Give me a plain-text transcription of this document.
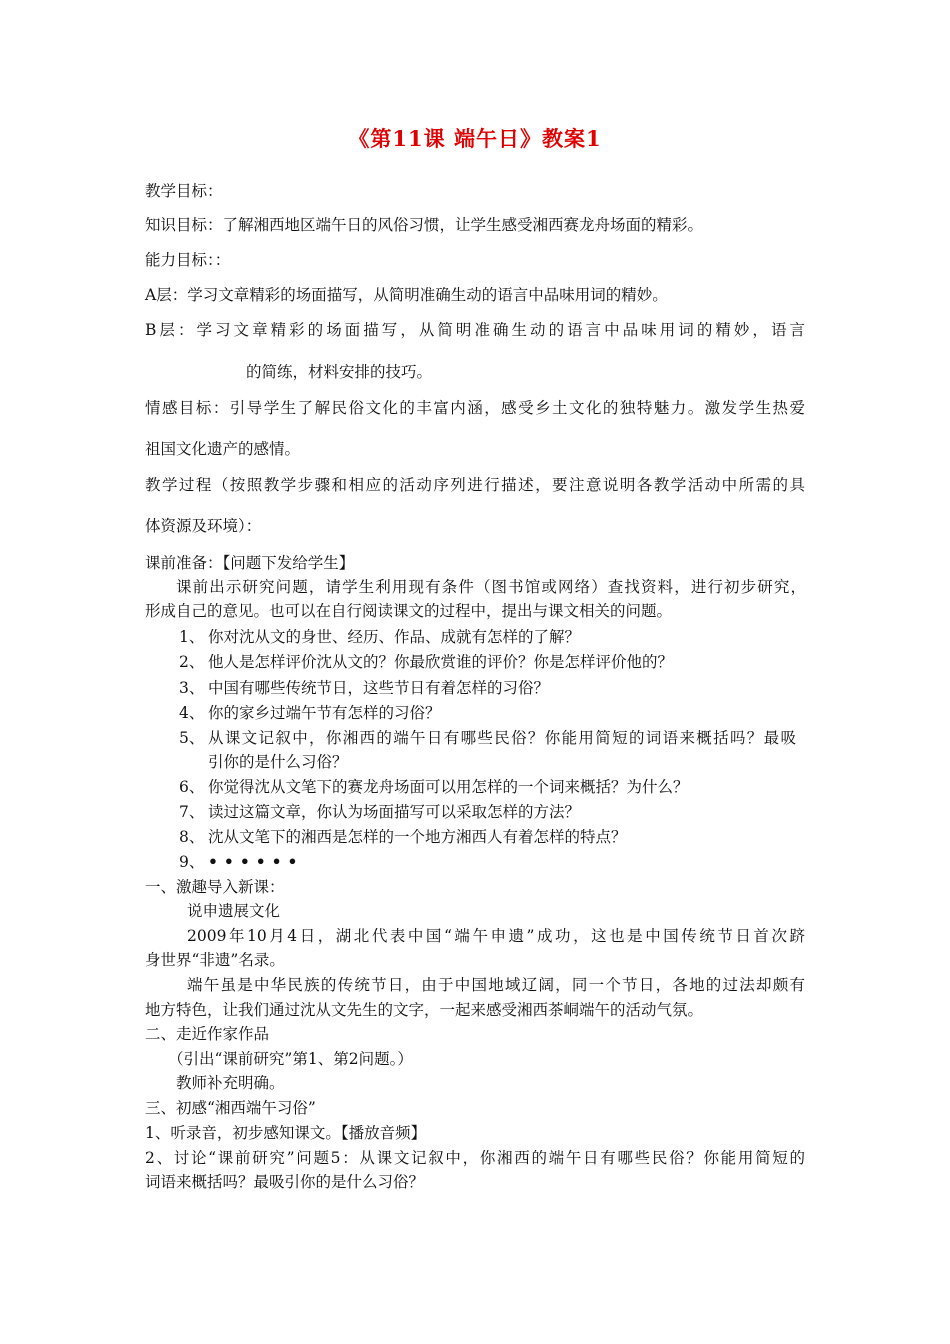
《第11课 端午日》教案1
教学目标：
知识目标：了解湘西地区端午日的风俗习惯，让学生感受湘西赛龙舟场面的精彩。
能力目标：：
A层：学习文章精彩的场面描写，从简明准确生动的语言中品味用词的精妙。
B层：学习文章精彩的场面描写，从简明准确生动的语言中品味用词的精妙，语言
的简练，材料安排的技巧。
情感目标：引导学生了解民俗文化的丰富内涵，感受乡土文化的独特魅力。激发学生热爱
祖国文化遗产的感情。
教学过程（按照教学步骤和相应的活动序列进行描述，要注意说明各教学活动中所需的具
体资源及环境）：
课前准备：【问题下发给学生】
课前出示研究问题，请学生利用现有条件（图书馆或网络）查找资料，进行初步研究，
形成自己的意见。也可以在自行阅读课文的过程中，提出与课文相关的问题。
1、 你对沈从文的身世、经历、作品、成就有怎样的了解？
2、 他人是怎样评价沈从文的？你最欣赏谁的评价？你是怎样评价他的？
3、 中国有哪些传统节日，这些节日有着怎样的习俗？
4、 你的家乡过端午节有怎样的习俗？
5、 从课文记叙中，你湘西的端午日有哪些民俗？你能用简短的词语来概括吗？最吸
引你的是什么习俗？
6、 你觉得沈从文笔下的赛龙舟场面可以用怎样的一个词来概括？为什么？
7、 读过这篇文章，你认为场面描写可以采取怎样的方法？
8、 沈从文笔下的湘西是怎样的一个地方湘西人有着怎样的特点？
9、 ••••••
一、激趣导入新课：
说申遗展文化
2009年10月4日，湖北代表中国“端午申遗”成功，这也是中国传统节日首次跻
身世界“非遗”名录。
端午虽是中华民族的传统节日，由于中国地域辽阔，同一个节日，各地的过法却颇有
地方特色，让我们通过沈从文先生的文字，一起来感受湘西茶峒端午的活动气氛。
二、走近作家作品
（引出“课前研究”第1、第2问题。）
教师补充明确。
三、初感“湘西端午习俗”
1、听录音，初步感知课文。【播放音频】
2、讨论“课前研究”问题5：从课文记叙中，你湘西的端午日有哪些民俗？你能用简短的
词语来概括吗？最吸引你的是什么习俗？
